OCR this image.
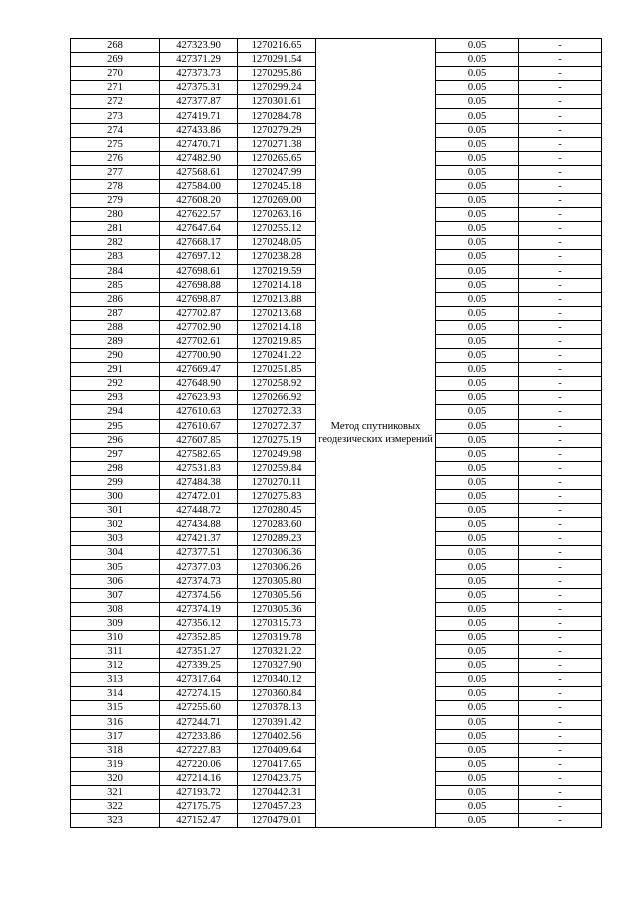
268	427323.90	1270216.65	Метод спутниковых геодезических измерений	0.05	-
269	427371.29	1270291.54		0.05	-
270	427373.73	1270295.86		0.05	-
271	427375.31	1270299.24		0.05	-
272	427377.87	1270301.61		0.05	-
273	427419.71	1270284.78		0.05	-
274	427433.86	1270279.29		0.05	-
275	427470.71	1270271.38		0.05	-
276	427482.90	1270265.65		0.05	-
277	427568.61	1270247.99		0.05	-
278	427584.00	1270245.18		0.05	-
279	427608.20	1270269.00		0.05	-
280	427622.57	1270263.16		0.05	-
281	427647.64	1270255.12		0.05	-
282	427668.17	1270248.05		0.05	-
283	427697.12	1270238.28		0.05	-
284	427698.61	1270219.59		0.05	-
285	427698.88	1270214.18		0.05	-
286	427698.87	1270213.88		0.05	-
287	427702.87	1270213.68		0.05	-
288	427702.90	1270214.18		0.05	-
289	427702.61	1270219.85		0.05	-
290	427700.90	1270241.22		0.05	-
291	427669.47	1270251.85		0.05	-
292	427648.90	1270258.92		0.05	-
293	427623.93	1270266.92		0.05	-
294	427610.63	1270272.33		0.05	-
295	427610.67	1270272.37		0.05	-
296	427607.85	1270275.19		0.05	-
297	427582.65	1270249.98		0.05	-
298	427531.83	1270259.84		0.05	-
299	427484.38	1270270.11		0.05	-
300	427472.01	1270275.83		0.05	-
301	427448.72	1270280.45		0.05	-
302	427434.88	1270283.60		0.05	-
303	427421.37	1270289.23		0.05	-
304	427377.51	1270306.36		0.05	-
305	427377.03	1270306.26		0.05	-
306	427374.73	1270305.80		0.05	-
307	427374.56	1270305.56		0.05	-
308	427374.19	1270305.36		0.05	-
309	427356.12	1270315.73		0.05	-
310	427352.85	1270319.78		0.05	-
311	427351.27	1270321.22		0.05	-
312	427339.25	1270327.90		0.05	-
313	427317.64	1270340.12		0.05	-
314	427274.15	1270360.84		0.05	-
315	427255.60	1270378.13		0.05	-
316	427244.71	1270391.42		0.05	-
317	427233.86	1270402.56		0.05	-
318	427227.83	1270409.64		0.05	-
319	427220.06	1270417.65		0.05	-
320	427214.16	1270423.75		0.05	-
321	427193.72	1270442.31		0.05	-
322	427175.75	1270457.23		0.05	-
323	427152.47	1270479.01		0.05	-
